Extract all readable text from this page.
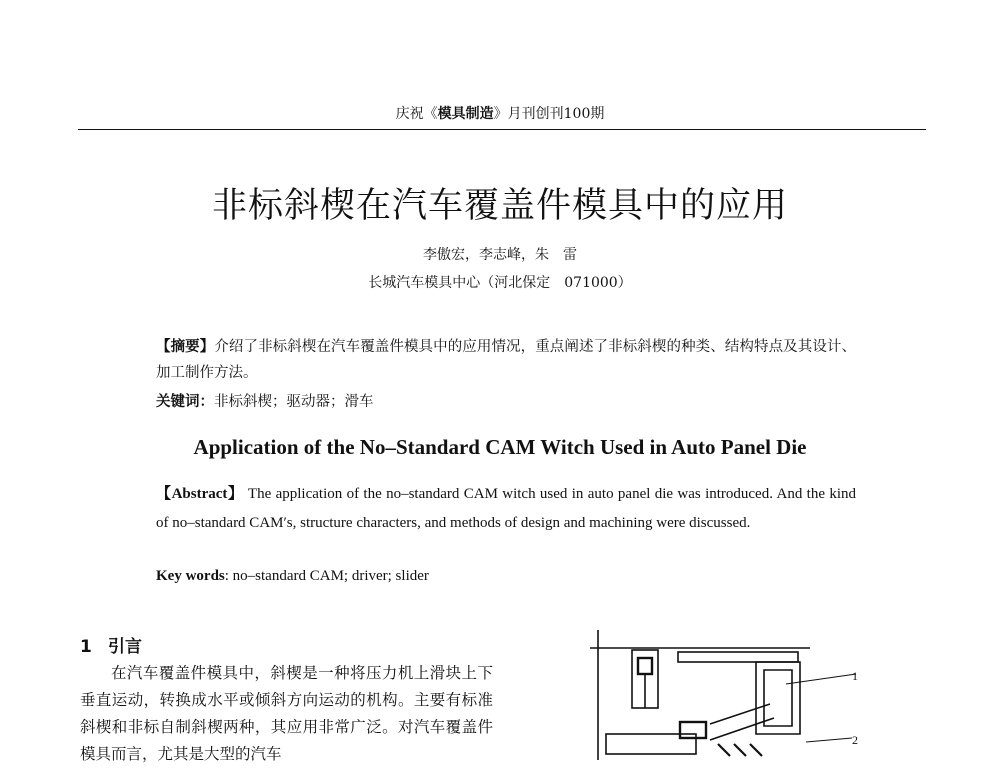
庆祝《模具制造》月刊创刊100期
非标斜楔在汽车覆盖件模具中的应用
李傲宏，李志峰，朱　雷
长城汽车模具中心（河北保定　071000）
【摘要】介绍了非标斜楔在汽车覆盖件模具中的应用情况，重点阐述了非标斜楔的种类、结构特点及其设计、加工制作方法。
关键词：非标斜楔；驱动器；滑车
Application of the No–Standard CAM Witch Used in Auto Panel Die
【Abstract】 The application of the no–standard CAM witch used in auto panel die was introduced. And the kind of no–standard CAM′s, structure characters, and methods of design and machining were discussed.
Key words: no–standard CAM; driver; slider
1 引言

在汽车覆盖件模具中，斜楔是一种将压力机上滑块上下垂直运动，转换成水平或倾斜方向运动的机构。主要有标准斜楔和非标自制斜楔两种，其应用非常广泛。对汽车覆盖件模具而言，尤其是大型的汽车

1
2
